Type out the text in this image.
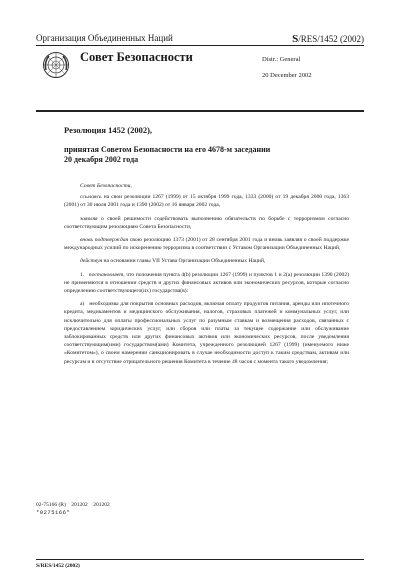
Организация Объединенных Наций	S/RES/1452 (2002)
Совет Безопасности	Distr.: General
20 December 2002
Резолюция 1452 (2002),
принятая Советом Безопасности на его 4678-м заседании
20 декабря 2002 года

Совет Безопасности,

ссылаясь на свои резолюции 1267 (1999) от 15 октября 1999 года, 1333 (2000) от 19 декабря 2000 года, 1363 (2001) от 30 июля 2001 года и 1390 (2002) от 16 января 2002 года,

заявляя о своей решимости содействовать выполнению обязательств по борьбе с терроризмом согласно соответствующим резолюциям Совета Безопасности,

вновь подтверждая свою резолюцию 1373 (2001) от 28 сентября 2001 года и вновь заявляя о своей поддержке международных усилий по искоренению терроризма в соответствии с Уставом Организации Объединенных Наций,

действуя на основании главы VII Устава Организации Объединенных Наций,

1. постановляет, что положения пункта 4(b) резолюции 1267 (1999) и пунктов 1 и 2(a) резолюции 1390 (2002) не применяются в отношении средств и других финансовых активов или экономических ресурсов, которые согласно определению соответствующего(их) государства(в):

a) необходимы для покрытия основных расходов, включая оплату продуктов питания, аренды или ипотечного кредита, медикаментов и медицинского обслуживания, налогов, страховых платежей и коммунальных услуг, или исключительно для оплаты профессиональных услуг по разумным ставкам и возмещения расходов, связанных с предоставлением юридических услуг, или сборов или платы за текущее содержание или обслуживание заблокированных средств или других финансовых активов или экономических ресурсов, после уведомления соответствующим(ими) государством(ами) Комитета, учрежденного резолюцией 1267 (1999) (именуемого ниже «Комитетом»), о своем намерении санкционировать в случае необходимости доступ к таким средствам, активам или ресурсам и в отсутствие отрицательного решения Комитета в течение 48 часов с момента такого уведомления;

02-75166 (R)    201202    201202
*0275166*
S/RES/1452 (2002)
